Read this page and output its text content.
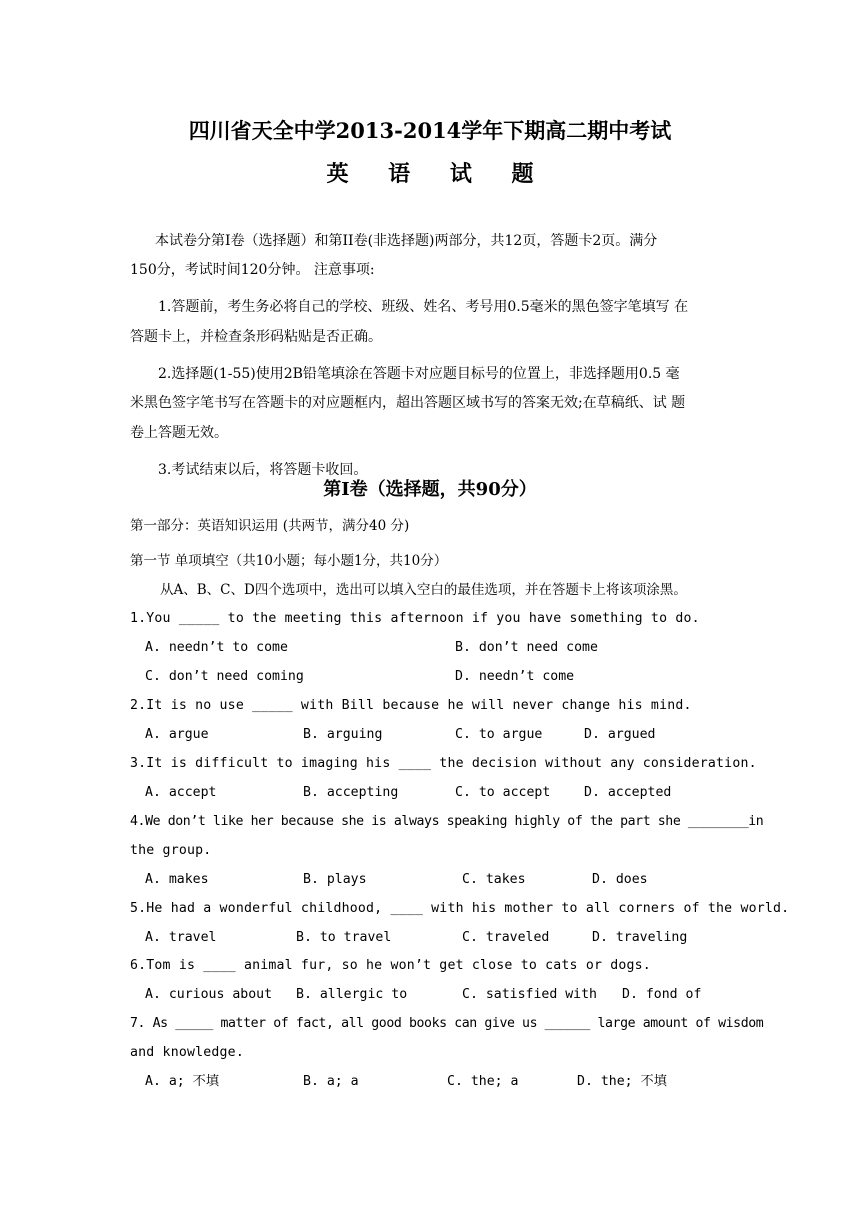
四川省天全中学2013-2014学年下期高二期中考试
英 语 试 题
本试卷分第Ⅰ卷（选择题）和第II卷(非选择题)两部分，共12页，答题卡2页。满分
150分，考试时间120分钟。 注意事项:
1.答题前，考生务必将自己的学校、班级、姓名、考号用0.5毫米的黑色签字笔填写 在
答题卡上，并检查条形码粘贴是否正确。
2.选择题(1-55)使用2B铅笔填涂在答题卡对应题目标号的位置上，非选择题用0.5 毫
米黑色签字笔书写在答题卡的对应题框内，超出答题区域书写的答案无效;在草稿纸、试 题
卷上答题无效。
3.考试结束以后，将答题卡收回。
第Ⅰ卷（选择题，共90分）
第一部分：英语知识运用 (共两节，满分40 分)
第一节 单项填空（共10小题；每小题1分，共10分）
从A、B、C、D四个选项中，选出可以填入空白的最佳选项，并在答题卡上将该项涂黑。
1.You _____ to the meeting this afternoon if you have something to do.
A. needn’t to come	B. don’t need come
C. don’t need coming	D. needn’t come
2.It is no use _____ with Bill because he will never change his mind.
A. argue	B. arguing	C. to argue	D. argued
3.It is difficult to imaging his ____ the decision without any consideration.
A. accept	B. accepting	C. to accept	D. accepted
4.We don’t like her because she is always speaking highly of the part she ________in
the group.
A. makes	B. plays	C. takes	D. does
5.He had a wonderful childhood, ____ with his mother to all corners of the world.
A. travel	B. to travel	C. traveled	D. traveling
6.Tom is ____ animal fur, so he won’t get close to cats or dogs.
A. curious about B. allergic to	C. satisfied with D. fond of
7. As _____ matter of fact, all good books can give us ______ large amount of wisdom
and knowledge.
A. a; 不填	B. a; a	C. the; a	D. the; 不填
